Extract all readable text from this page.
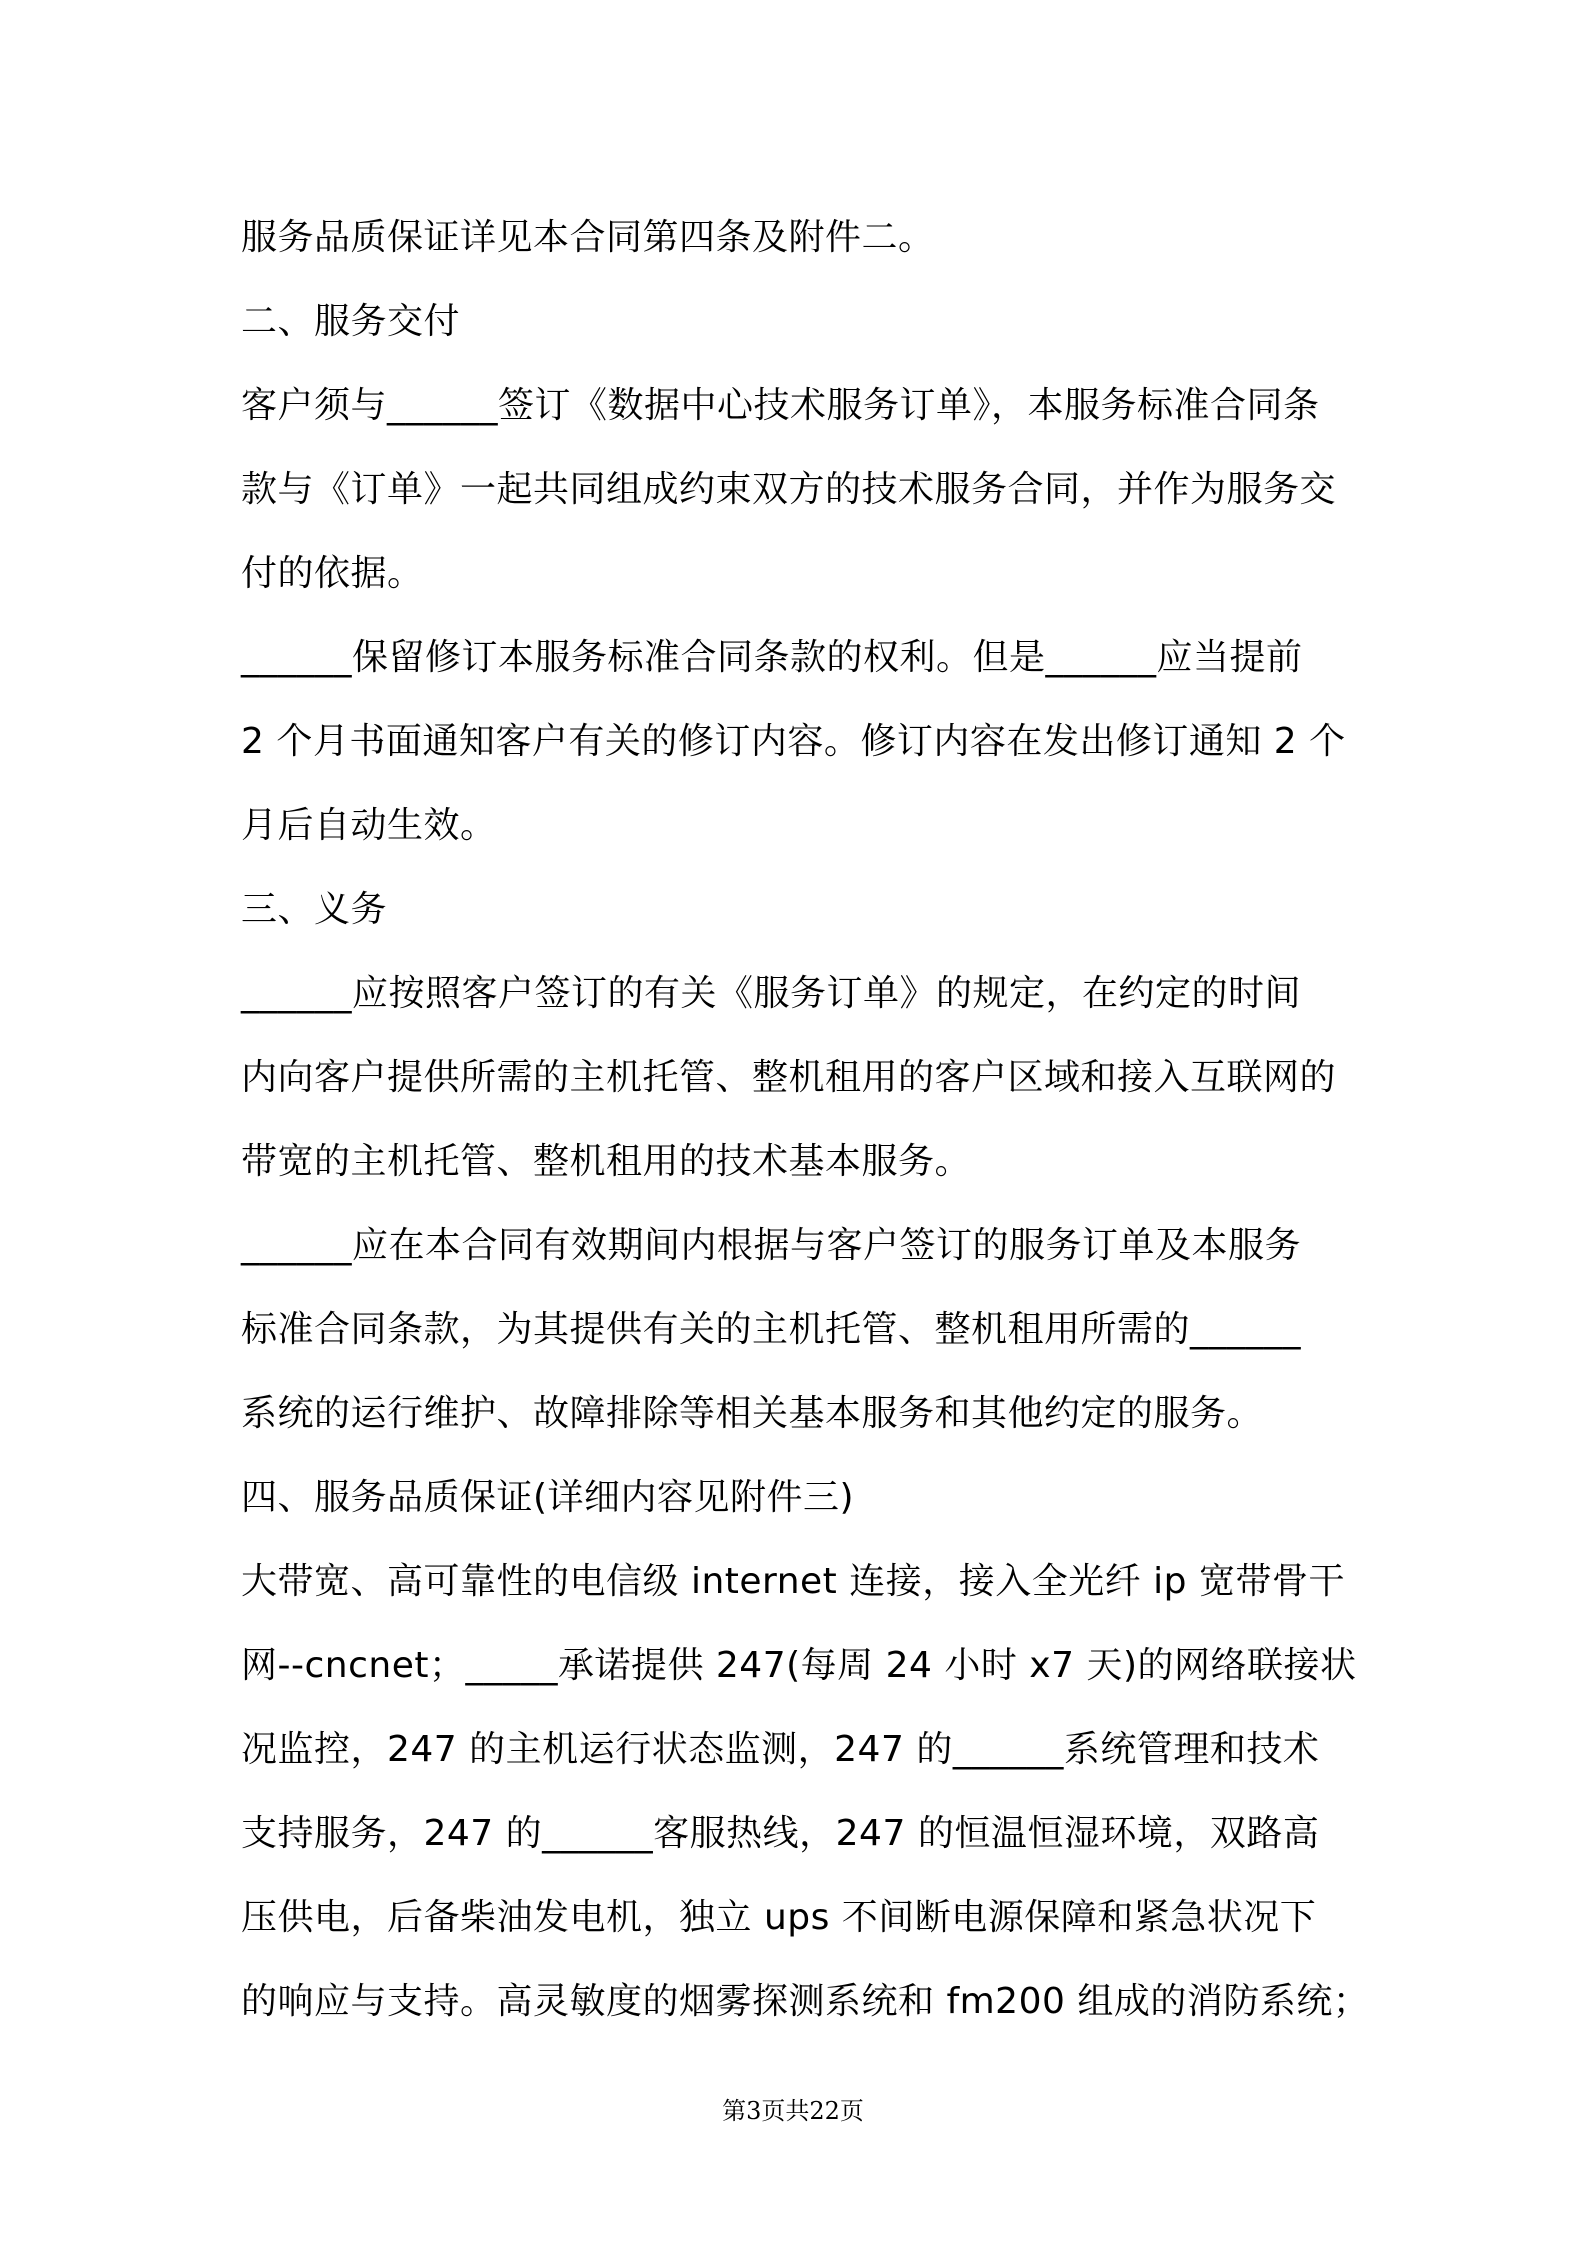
服务品质保证详见本合同第四条及附件二。
二、服务交付
客户须与______签订《数据中心技术服务订单》，本服务标准合同条
款与《订单》一起共同组成约束双方的技术服务合同，并作为服务交
付的依据。
______保留修订本服务标准合同条款的权利。但是______应当提前
2 个月书面通知客户有关的修订内容。修订内容在发出修订通知 2 个
月后自动生效。
三、义务
______应按照客户签订的有关《服务订单》的规定，在约定的时间
内向客户提供所需的主机托管、整机租用的客户区域和接入互联网的
带宽的主机托管、整机租用的技术基本服务。
______应在本合同有效期间内根据与客户签订的服务订单及本服务
标准合同条款，为其提供有关的主机托管、整机租用所需的______
系统的运行维护、故障排除等相关基本服务和其他约定的服务。
四、服务品质保证(详细内容见附件三)
大带宽、高可靠性的电信级 internet 连接，接入全光纤 ip 宽带骨干
网--cncnet；_____承诺提供 247(每周 24 小时 x7 天)的网络联接状
况监控，247 的主机运行状态监测，247 的______系统管理和技术
支持服务，247 的______客服热线，247 的恒温恒湿环境，双路高
压供电，后备柴油发电机，独立 ups 不间断电源保障和紧急状况下
的响应与支持。高灵敏度的烟雾探测系统和 fm200 组成的消防系统；
第3页共22页
